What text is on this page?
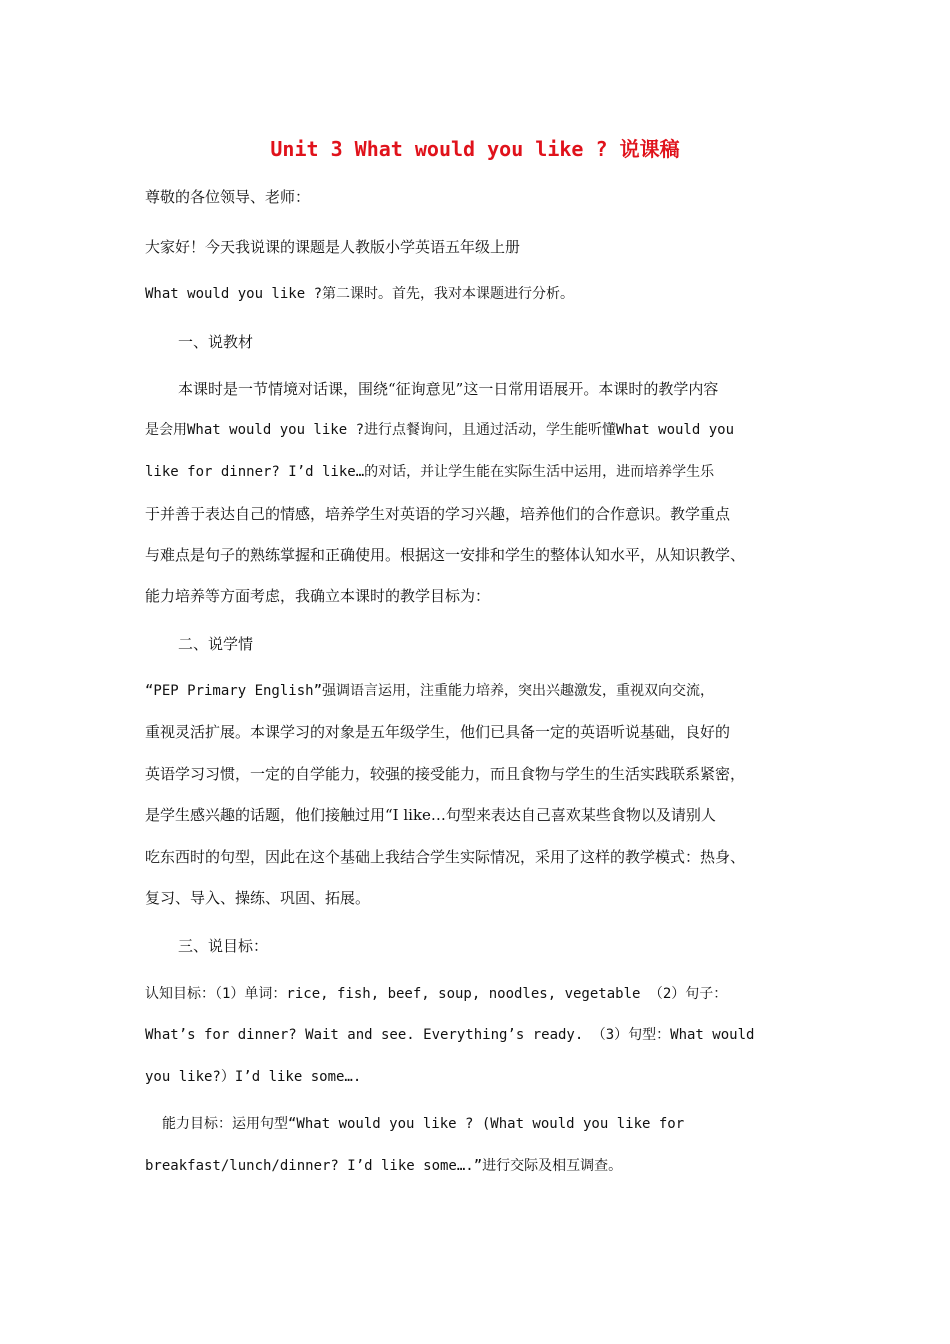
Unit 3 What would you like ? 说课稿
尊敬的各位领导、老师：
大家好！今天我说课的课题是人教版小学英语五年级上册
What would you like ?第二课时。首先，我对本课题进行分析。
一、说教材
本课时是一节情境对话课，围绕“征询意见”这一日常用语展开。本课时的教学内容
是会用What would you like ?进行点餐询问，且通过活动，学生能听懂What would you
like for dinner? I’d like…的对话，并让学生能在实际生活中运用，进而培养学生乐
于并善于表达自己的情感，培养学生对英语的学习兴趣，培养他们的合作意识。教学重点
与难点是句子的熟练掌握和正确使用。根据这一安排和学生的整体认知水平，从知识教学、
能力培养等方面考虑，我确立本课时的教学目标为：
二、说学情
“PEP Primary English”强调语言运用，注重能力培养，突出兴趣激发，重视双向交流，
重视灵活扩展。本课学习的对象是五年级学生，他们已具备一定的英语听说基础，良好的
英语学习习惯，一定的自学能力，较强的接受能力，而且食物与学生的生活实践联系紧密，
是学生感兴趣的话题，他们接触过用“I like…句型来表达自己喜欢某些食物以及请别人
吃东西时的句型，因此在这个基础上我结合学生实际情况，采用了这样的教学模式：热身、
复习、导入、操练、巩固、拓展。
三、说目标：
认知目标：（1）单词：rice, fish, beef, soup, noodles, vegetable （2）句子：
What’s for dinner? Wait and see. Everything’s ready. （3）句型：What would
you like?）I’d like some….
能力目标：运用句型“What would you like ? (What would you like for
breakfast/lunch/dinner? I’d like some….”进行交际及相互调查。
